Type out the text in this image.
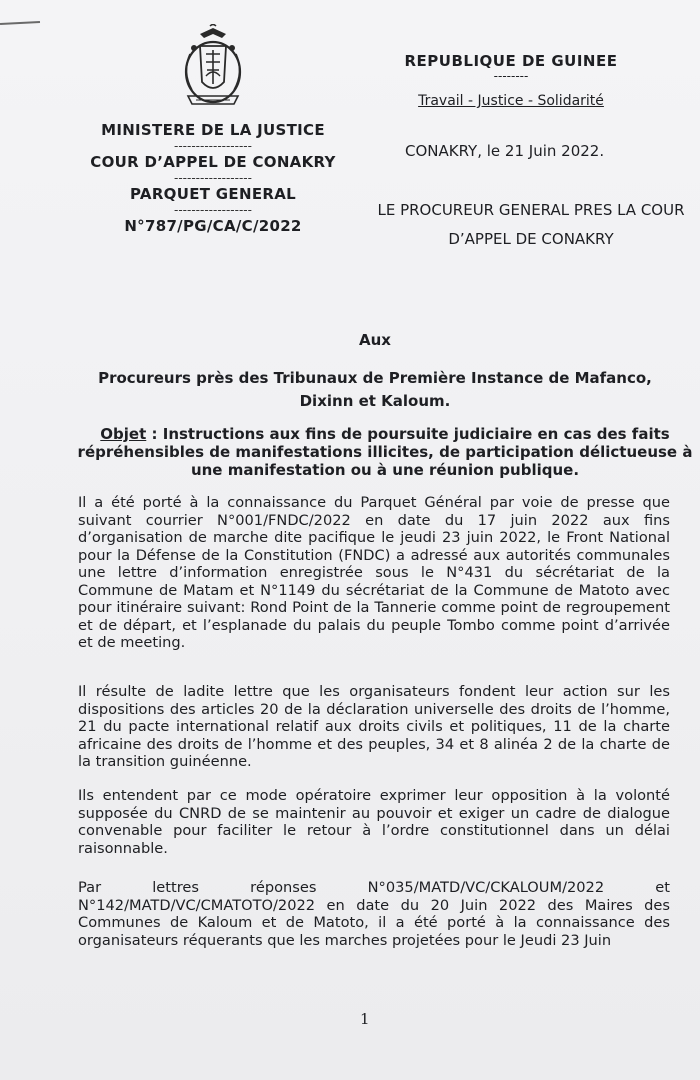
MINISTERE DE LA JUSTICE
------------------
COUR D’APPEL DE CONAKRY
------------------
PARQUET GENERAL
------------------
N°787/PG/CA/C/2022
REPUBLIQUE DE GUINEE
--------
Travail - Justice - Solidarité
CONAKRY, le 21 Juin 2022.
LE PROCUREUR GENERAL PRES LA COUR
D’APPEL DE CONAKRY
Aux
Procureurs près des Tribunaux de Première Instance de Mafanco,
Dixinn et Kaloum.
Objet : Instructions aux fins de poursuite judiciaire en cas des faits répréhensibles de manifestations illicites, de participation délictueuse à une manifestation ou à une réunion publique.
Il a été porté à la connaissance du Parquet Général par voie de presse que suivant courrier N°001/FNDC/2022 en date du 17 juin 2022 aux fins d’organisation de marche dite pacifique le jeudi 23 juin 2022, le Front National pour la Défense de la Constitution (FNDC) a adressé aux autorités communales une lettre d’information enregistrée sous le N°431 du sécrétariat de la Commune de Matam et N°1149 du sécrétariat de la Commune de Matoto avec pour itinéraire suivant: Rond Point de la Tannerie comme point de regroupement et de départ, et l’esplanade du palais du peuple Tombo comme point d’arrivée et de meeting.
Il résulte de ladite lettre que les organisateurs fondent leur action sur les dispositions des articles 20 de la déclaration universelle des droits de l’homme, 21 du pacte international relatif aux droits civils et politiques, 11 de la charte africaine des droits de l’homme et des peuples, 34 et 8 alinéa 2 de la charte de la transition guinéenne.
Ils entendent par ce mode opératoire exprimer leur opposition à la volonté supposée du CNRD de se maintenir au pouvoir et exiger un cadre de dialogue convenable pour faciliter le retour à l’ordre constitutionnel dans un délai raisonnable.
Par lettres réponses N°035/MATD/VC/CKALOUM/2022 et N°142/MATD/VC/CMATOTO/2022 en date du 20 Juin 2022 des Maires des Communes de Kaloum et de Matoto, il a été porté à la connaissance des organisateurs réquerants que les marches projetées pour le Jeudi 23 Juin
1
